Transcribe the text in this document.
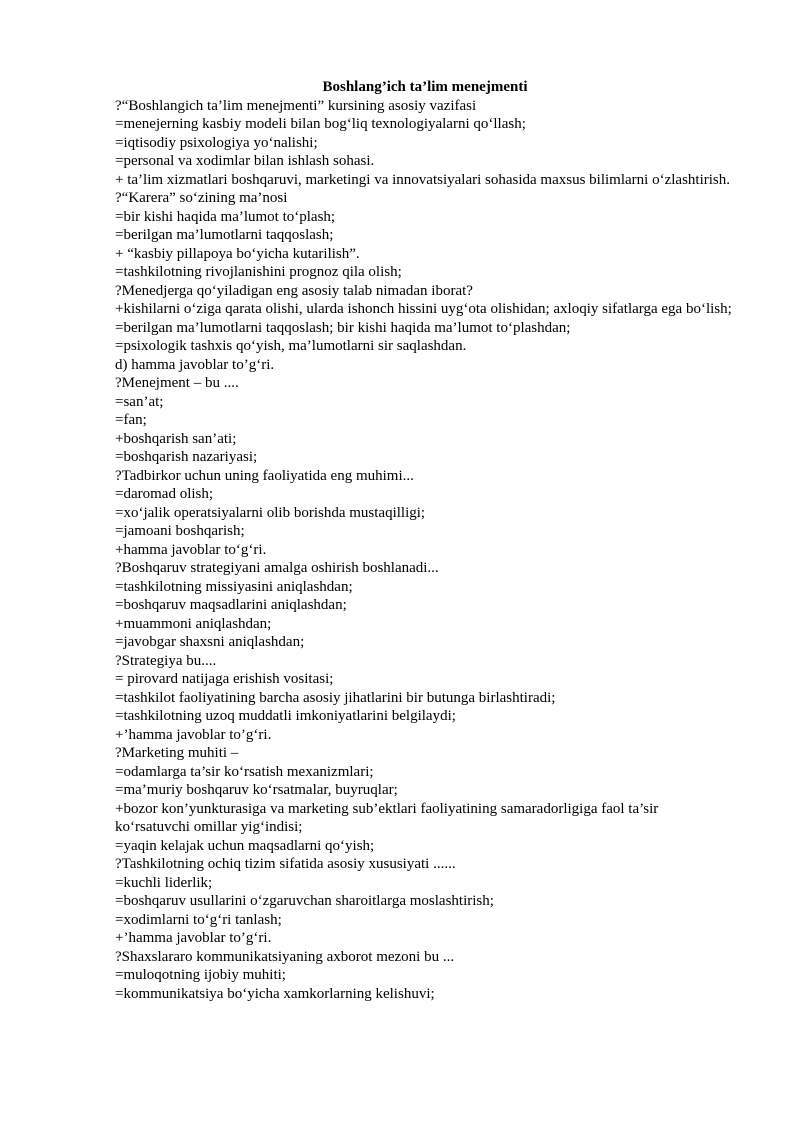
Boshlang’ich ta’lim menejmenti
?“Boshlangich ta’lim menejmenti” kursining asosiy vazifasi
=menejerning kasbiy modeli bilan bog‘liq texnologiyalarni qo‘llash;
=iqtisodiy psixologiya yo‘nalishi;
=personal va xodimlar bilan ishlash sohasi.
+ ta’lim xizmatlari boshqaruvi, marketingi va innovatsiyalari sohasida maxsus bilimlarni o‘zlashtirish.
?“Karera” so‘zining ma’nosi
=bir kishi haqida ma’lumot to‘plash;
=berilgan ma’lumotlarni taqqoslash;
+ “kasbiy pillapoya bo‘yicha kutarilish”.
=tashkilotning rivojlanishini prognoz qila olish;
?Menedjerga qo‘yiladigan eng asosiy talab nimadan iborat?
+kishilarni o‘ziga qarata olishi, ularda ishonch hissini uyg‘ota olishidan; axloqiy sifatlarga ega bo‘lish;
=berilgan ma’lumotlarni taqqoslash; bir kishi haqida ma’lumot to‘plashdan;
=psixologik tashxis qo‘yish, ma’lumotlarni sir saqlashdan.
d) hamma javoblar to’g‘ri.
?Menejment – bu ....
=san’at;
=fan;
+boshqarish san’ati;
=boshqarish nazariyasi;
?Tadbirkor uchun uning faoliyatida eng muhimi...
=daromad olish;
=xo‘jalik operatsiyalarni olib borishda mustaqilligi;
=jamoani boshqarish;
+hamma javoblar to‘g‘ri.
?Boshqaruv strategiyani amalga oshirish boshlanadi...
=tashkilotning missiyasini aniqlashdan;
=boshqaruv maqsadlarini aniqlashdan;
+muammoni aniqlashdan;
=javobgar shaxsni aniqlashdan;
?Strategiya bu....
= pirovard natijaga erishish vositasi;
=tashkilot faoliyatining barcha asosiy jihatlarini bir butunga birlashtiradi;
=tashkilotning uzoq muddatli imkoniyatlarini belgilaydi;
+’hamma javoblar to’g‘ri.
?Marketing muhiti –
=odamlarga ta’sir ko‘rsatish mexanizmlari;
=ma’muriy boshqaruv ko‘rsatmalar, buyruqlar;
+bozor kon’yunkturasiga va marketing sub’ektlari faoliyatining samaradorligiga faol ta’sir ko‘rsatuvchi omillar yig‘indisi;
=yaqin kelajak uchun maqsadlarni qo‘yish;
?Tashkilotning ochiq tizim sifatida asosiy xususiyati ......
=kuchli liderlik;
=boshqaruv usullarini o‘zgaruvchan sharoitlarga moslashtirish;
=xodimlarni to‘g‘ri tanlash;
+’hamma javoblar to’g‘ri.
?Shaxslararo kommunikatsiyaning axborot mezoni bu ...
=muloqotning ijobiy muhiti;
=kommunikatsiya bo‘yicha xamkorlarning kelishuvi;
